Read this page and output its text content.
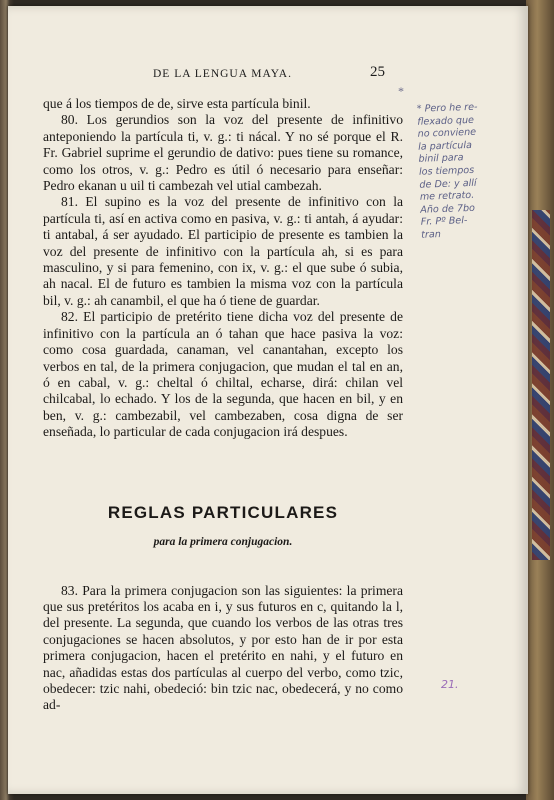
DE LA LENGUA MAYA.	25
*

que á los tiempos de de, sirve esta partícula binil.

80. Los gerundios son la voz del presente de infinitivo anteponiendo la partícula ti, v. g.: ti nácal. Y no sé porque el R. Fr. Gabriel suprime el gerundio de dativo: pues tiene su romance, como los otros, v. g.: Pedro es útil ó necesario para enseñar: Pedro ekanan u uil ti cambezah vel utial cambezah.

81. El supino es la voz del presente de infinitivo con la partícula ti, así en activa como en pasiva, v. g.: ti antah, á ayudar: ti antabal, á ser ayudado. El participio de presente es tambien la voz del presente de infinitivo con la partícula ah, si es para masculino, y si para femenino, con ix, v. g.: el que sube ó subia, ah nacal. El de futuro es tambien la misma voz con la partícula bil, v. g.: ah canambil, el que ha ó tiene de guardar.

82. El participio de pretérito tiene dicha voz del presente de infinitivo con la partícula an ó tahan que hace pasiva la voz: como cosa guardada, canaman, vel canantahan, excepto los verbos en tal, de la primera conjugacion, que mudan el tal en an, ó en cabal, v. g.: cheltal ó chiltal, echarse, dirá: chilan vel chilcabal, lo echado. Y los de la segunda, que hacen en bil, y en ben, v. g.: cambezabil, vel cambezaben, cosa digna de ser enseñada, lo particular de cada conjugacion irá despues.

REGLAS PARTICULARES
para la primera conjugacion.

83. Para la primera conjugacion son las siguientes: la primera que sus pretéritos los acaba en i, y sus futuros en c, quitando la l, del presente. La segunda, que cuando los verbos de las otras tres conjugaciones se hacen absolutos, y por esto han de ir por esta primera conjugacion, hacen el pretérito en nahi, y el futuro en nac, añadidas estas dos partículas al cuerpo del verbo, como tzic, obedecer: tzic nahi, obedeció: bin tzic nac, obedecerá, y no como ad-

* Pero he re-
flexado que
no conviene
la partícula
binil para
los tiempos
de De: y allí
me retrato.
Año de 7bo
Fr. Pº Bel-
tran
21.
